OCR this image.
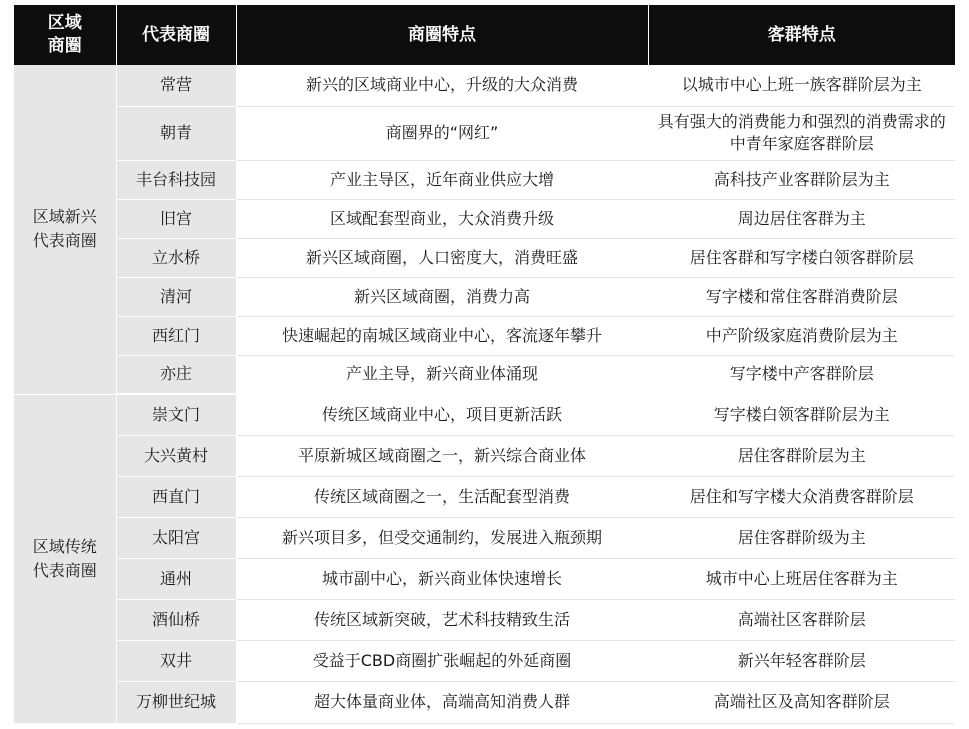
区域
商圈	代表商圈	商圈特点	客群特点
区域新兴
代表商圈	常营	新兴的区域商业中心，升级的大众消费	以城市中心上班一族客群阶层为主
	朝青	商圈界的“网红”	具有强大的消费能力和强烈的消费需求的中青年家庭客群阶层
	丰台科技园	产业主导区，近年商业供应大增	高科技产业客群阶层为主
	旧宫	区域配套型商业，大众消费升级	周边居住客群为主
	立水桥	新兴区域商圈，人口密度大，消费旺盛	居住客群和写字楼白领客群阶层
	清河	新兴区域商圈，消费力高	写字楼和常住客群消费阶层
	西红门	快速崛起的南城区域商业中心，客流逐年攀升	中产阶级家庭消费阶层为主
	亦庄	产业主导，新兴商业体涌现	写字楼中产客群阶层
区域传统
代表商圈	崇文门	传统区域商业中心，项目更新活跃	写字楼白领客群阶层为主
	大兴黄村	平原新城区域商圈之一，新兴综合商业体	居住客群阶层为主
	西直门	传统区域商圈之一，生活配套型消费	居住和写字楼大众消费客群阶层
	太阳宫	新兴项目多，但受交通制约，发展进入瓶颈期	居住客群阶级为主
	通州	城市副中心，新兴商业体快速增长	城市中心上班居住客群为主
	酒仙桥	传统区域新突破，艺术科技精致生活	高端社区客群阶层
	双井	受益于CBD商圈扩张崛起的外延商圈	新兴年轻客群阶层
	万柳世纪城	超大体量商业体，高端高知消费人群	高端社区及高知客群阶层
